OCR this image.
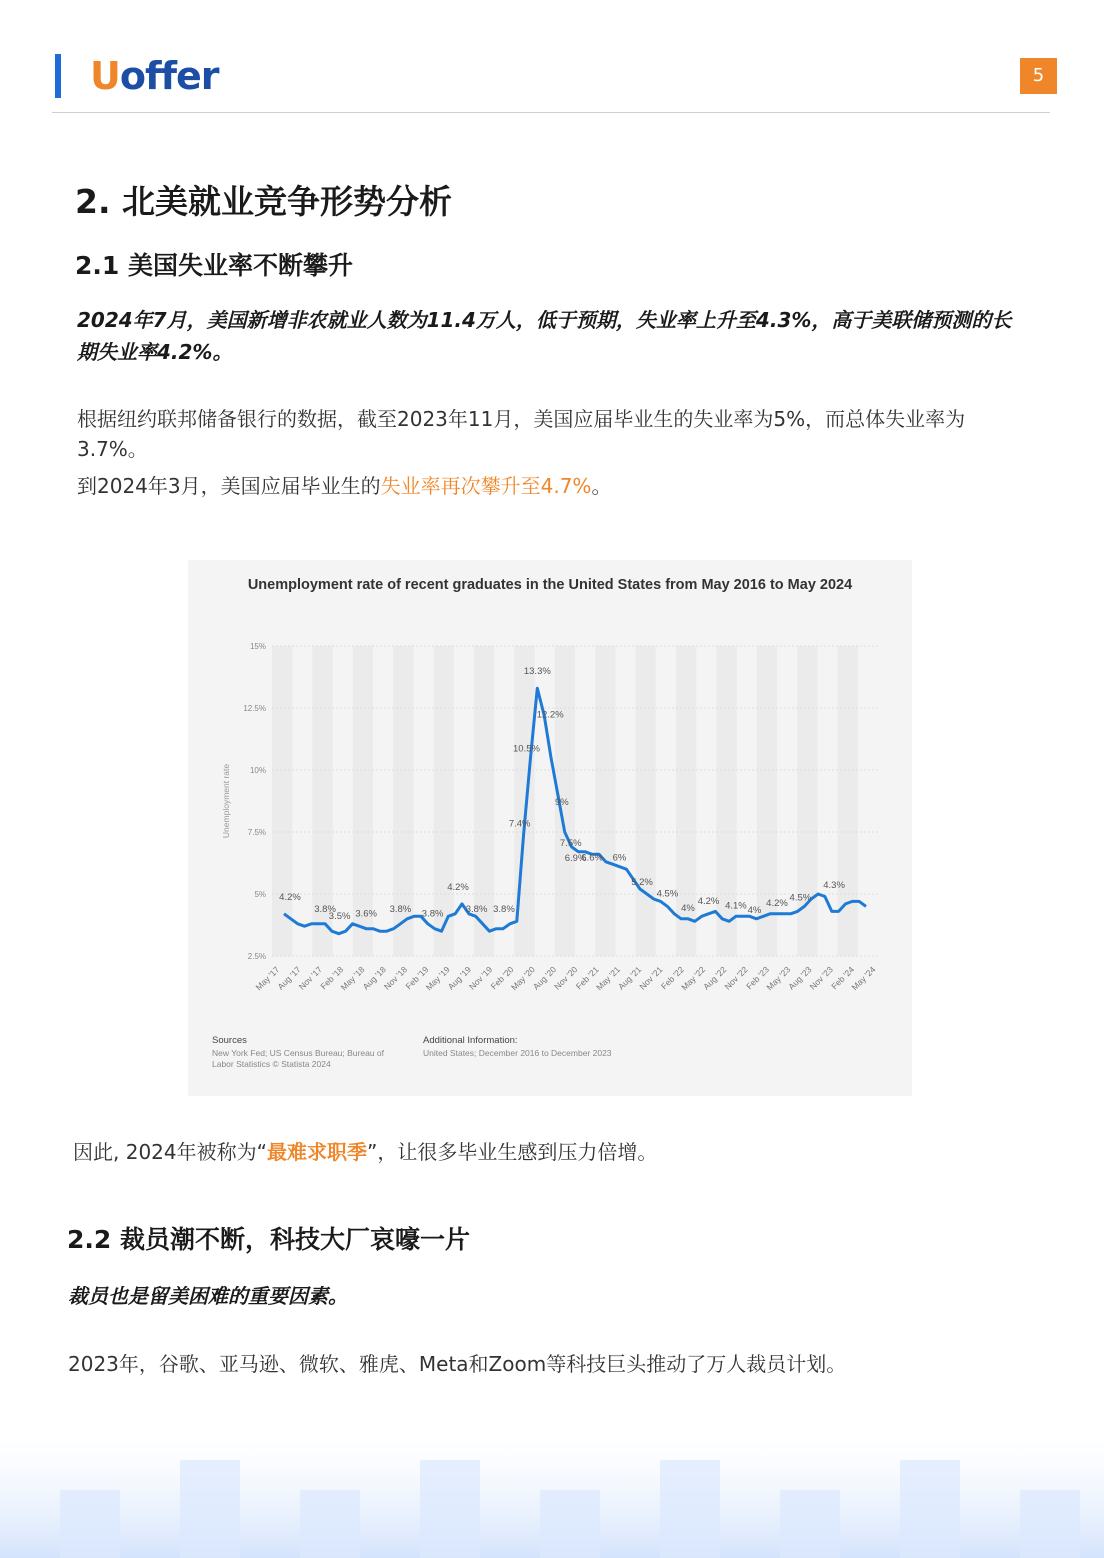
Uoffer	5
2. 北美就业竞争形势分析
2.1 美国失业率不断攀升
2024年7月，美国新增非农就业人数为11.4万人，低于预期，失业率上升至4.3%，高于美联储预测的长期失业率4.2%。
根据纽约联邦储备银行的数据，截至2023年11月，美国应届毕业生的失业率为5%，而总体失业率为3.7%。
到2024年3月，美国应届毕业生的失业率再次攀升至4.7%。
Unemployment rate of recent graduates in the United States from May 2016 to May 2024
2.5%
5%
7.5%
10%
12.5%
15%
Unemployment rate
4.2%
3.8%
3.5% 3.6% 3.8% 3.8%
4.2%
3.8% 3.8%
7.4%
10.5%
13.3%
12.2%
9%
7.5%
6.9%
6.6% 6%
5.2%
4.5%
4%
4.2% 4.1% 4%
4.2% 4.5%
4.3%
May '17
Aug '17
Nov '17
Feb '18
May '18
Aug '18
Nov '18
Feb '19
May '19
Aug '19
Nov '19
Feb '20
May '20
Aug '20
Nov '20
Feb '21
May '21
Aug '21
Nov '21
Feb '22
May '22
Aug '22
Nov '22
Feb '23
May '23
Aug '23
Nov '23
Feb '24
May '24
Sources
New York Fed; US Census Bureau; Bureau of Labor Statistics © Statista 2024
Additional Information:
United States; December 2016 to December 2023
因此, 2024年被称为“最难求职季”，让很多毕业生感到压力倍增。
2.2 裁员潮不断，科技大厂哀嚎一片
裁员也是留美困难的重要因素。
2023年，谷歌、亚马逊、微软、雅虎、Meta和Zoom等科技巨头推动了万人裁员计划。
